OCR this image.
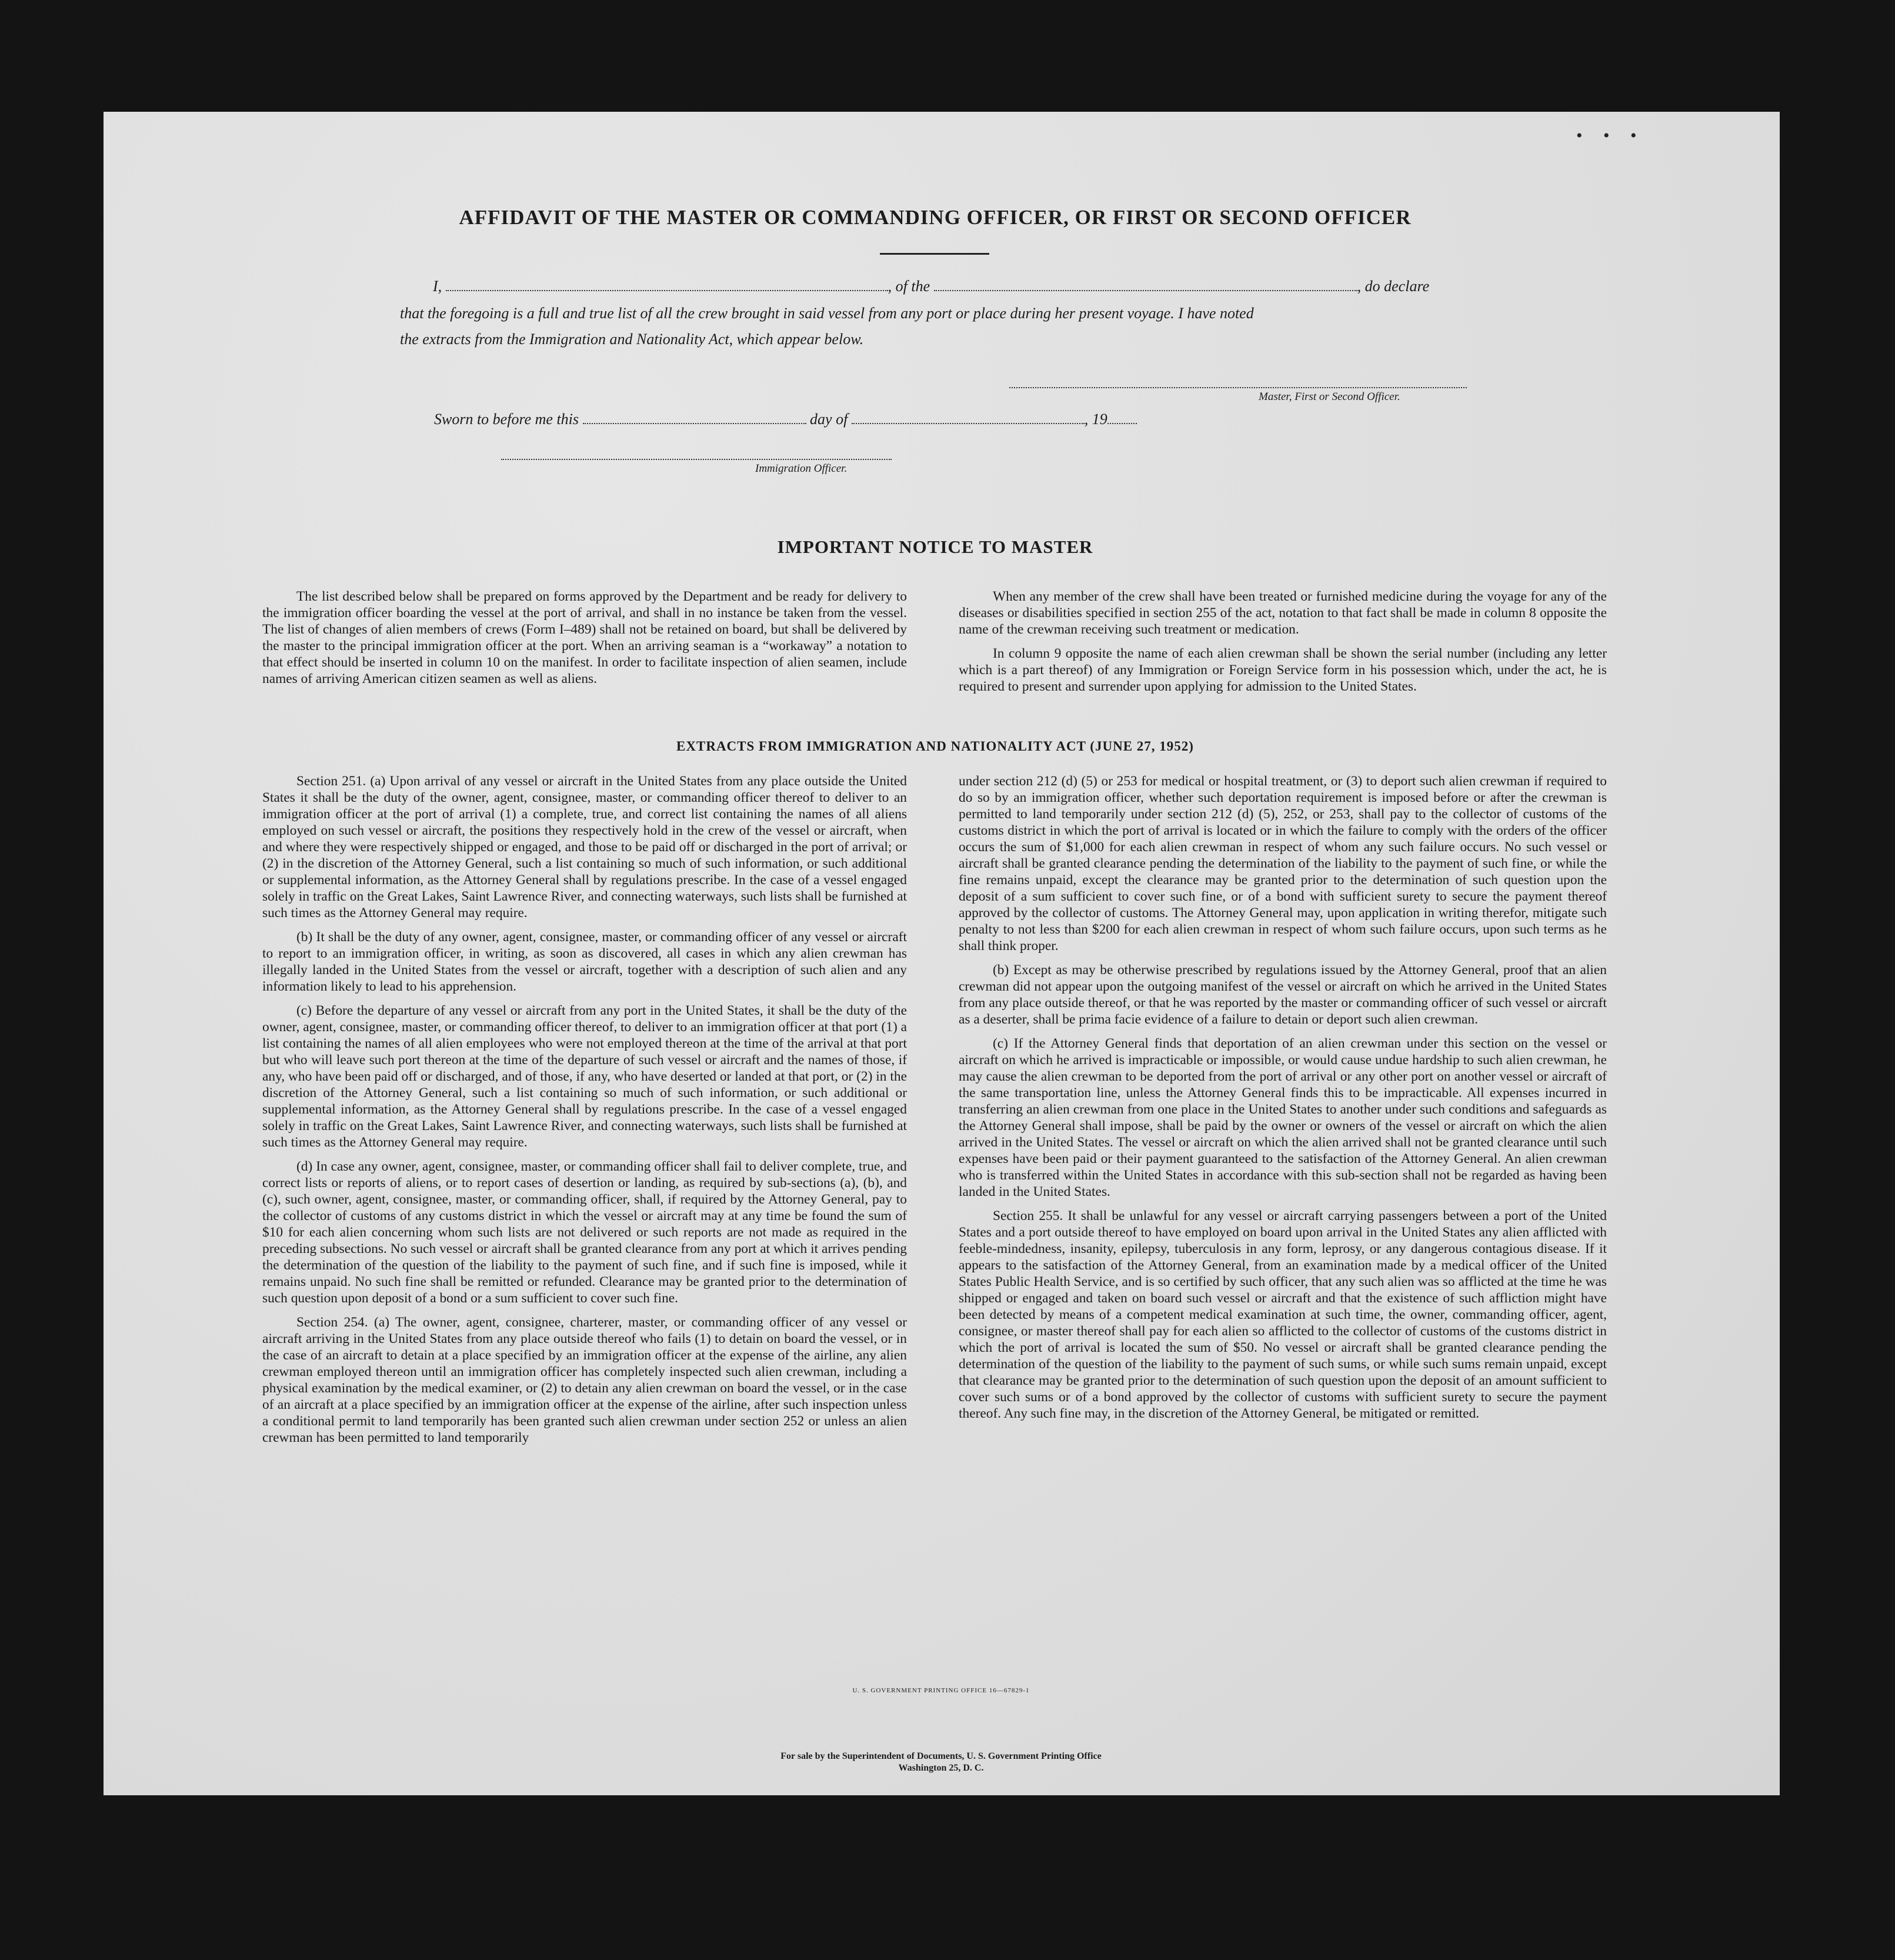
• • •
AFFIDAVIT OF THE MASTER OR COMMANDING OFFICER, OR FIRST OR SECOND OFFICER
I,	, of the	, do declare
that the foregoing is a full and true list of all the crew brought in said vessel from any port or place during her present voyage. I have noted
the extracts from the Immigration and Nationality Act, which appear below.
Master, First or Second Officer.
Sworn to before me this	day of	, 19
Immigration Officer.
IMPORTANT NOTICE TO MASTER

The list described below shall be prepared on forms approved by the Department and be ready for delivery to the immigration officer boarding the vessel at the port of arrival, and shall in no instance be taken from the vessel. The list of changes of alien members of crews (Form I–489) shall not be retained on board, but shall be delivered by the master to the principal immigration officer at the port. When an arriving seaman is a “workaway” a notation to that effect should be inserted in column 10 on the manifest. In order to facilitate inspection of alien seamen, include names of arriving American citizen seamen as well as aliens.

When any member of the crew shall have been treated or furnished medicine during the voyage for any of the diseases or disabilities specified in section 255 of the act, notation to that fact shall be made in column 8 opposite the name of the crewman receiving such treatment or medication.

In column 9 opposite the name of each alien crewman shall be shown the serial number (including any letter which is a part thereof) of any Immigration or Foreign Service form in his possession which, under the act, he is required to present and surrender upon applying for admission to the United States.

EXTRACTS FROM IMMIGRATION AND NATIONALITY ACT (JUNE 27, 1952)

Section 251. (a) Upon arrival of any vessel or aircraft in the United States from any place outside the United States it shall be the duty of the owner, agent, consignee, master, or commanding officer thereof to deliver to an immigration officer at the port of arrival (1) a complete, true, and correct list containing the names of all aliens employed on such vessel or aircraft, the positions they respectively hold in the crew of the vessel or aircraft, when and where they were respectively shipped or engaged, and those to be paid off or discharged in the port of arrival; or (2) in the discretion of the Attorney General, such a list containing so much of such information, or such additional or supplemental information, as the Attorney General shall by regulations prescribe. In the case of a vessel engaged solely in traffic on the Great Lakes, Saint Lawrence River, and connecting waterways, such lists shall be furnished at such times as the Attorney General may require.

(b) It shall be the duty of any owner, agent, consignee, master, or commanding officer of any vessel or aircraft to report to an immigration officer, in writing, as soon as discovered, all cases in which any alien crewman has illegally landed in the United States from the vessel or aircraft, together with a description of such alien and any information likely to lead to his apprehension.

(c) Before the departure of any vessel or aircraft from any port in the United States, it shall be the duty of the owner, agent, consignee, master, or commanding officer thereof, to deliver to an immigration officer at that port (1) a list containing the names of all alien employees who were not employed thereon at the time of the arrival at that port but who will leave such port thereon at the time of the departure of such vessel or aircraft and the names of those, if any, who have been paid off or discharged, and of those, if any, who have deserted or landed at that port, or (2) in the discretion of the Attorney General, such a list containing so much of such information, or such additional or supplemental information, as the Attorney General shall by regulations prescribe. In the case of a vessel engaged solely in traffic on the Great Lakes, Saint Lawrence River, and connecting waterways, such lists shall be furnished at such times as the Attorney General may require.

(d) In case any owner, agent, consignee, master, or commanding officer shall fail to deliver complete, true, and correct lists or reports of aliens, or to report cases of desertion or landing, as required by sub-sections (a), (b), and (c), such owner, agent, consignee, master, or commanding officer, shall, if required by the Attorney General, pay to the collector of customs of any customs district in which the vessel or aircraft may at any time be found the sum of $10 for each alien concerning whom such lists are not delivered or such reports are not made as required in the preceding subsections. No such vessel or aircraft shall be granted clearance from any port at which it arrives pending the determination of the question of the liability to the payment of such fine, and if such fine is imposed, while it remains unpaid. No such fine shall be remitted or refunded. Clearance may be granted prior to the determination of such question upon deposit of a bond or a sum sufficient to cover such fine.

Section 254. (a) The owner, agent, consignee, charterer, master, or commanding officer of any vessel or aircraft arriving in the United States from any place outside thereof who fails (1) to detain on board the vessel, or in the case of an aircraft to detain at a place specified by an immigration officer at the expense of the airline, any alien crewman employed thereon until an immigration officer has completely inspected such alien crewman, including a physical examination by the medical examiner, or (2) to detain any alien crewman on board the vessel, or in the case of an aircraft at a place specified by an immigration officer at the expense of the airline, after such inspection unless a conditional permit to land temporarily has been granted such alien crewman under section 252 or unless an alien crewman has been permitted to land temporarily

under section 212 (d) (5) or 253 for medical or hospital treatment, or (3) to deport such alien crewman if required to do so by an immigration officer, whether such deportation requirement is imposed before or after the crewman is permitted to land temporarily under section 212 (d) (5), 252, or 253, shall pay to the collector of customs of the customs district in which the port of arrival is located or in which the failure to comply with the orders of the officer occurs the sum of $1,000 for each alien crewman in respect of whom any such failure occurs. No such vessel or aircraft shall be granted clearance pending the determination of the liability to the payment of such fine, or while the fine remains unpaid, except the clearance may be granted prior to the determination of such question upon the deposit of a sum sufficient to cover such fine, or of a bond with sufficient surety to secure the payment thereof approved by the collector of customs. The Attorney General may, upon application in writing therefor, mitigate such penalty to not less than $200 for each alien crewman in respect of whom such failure occurs, upon such terms as he shall think proper.

(b) Except as may be otherwise prescribed by regulations issued by the Attorney General, proof that an alien crewman did not appear upon the outgoing manifest of the vessel or aircraft on which he arrived in the United States from any place outside thereof, or that he was reported by the master or commanding officer of such vessel or aircraft as a deserter, shall be prima facie evidence of a failure to detain or deport such alien crewman.

(c) If the Attorney General finds that deportation of an alien crewman under this section on the vessel or aircraft on which he arrived is impracticable or impossible, or would cause undue hardship to such alien crewman, he may cause the alien crewman to be deported from the port of arrival or any other port on another vessel or aircraft of the same transportation line, unless the Attorney General finds this to be impracticable. All expenses incurred in transferring an alien crewman from one place in the United States to another under such conditions and safeguards as the Attorney General shall impose, shall be paid by the owner or owners of the vessel or aircraft on which the alien arrived in the United States. The vessel or aircraft on which the alien arrived shall not be granted clearance until such expenses have been paid or their payment guaranteed to the satisfaction of the Attorney General. An alien crewman who is transferred within the United States in accordance with this sub-section shall not be regarded as having been landed in the United States.

Section 255. It shall be unlawful for any vessel or aircraft carrying passengers between a port of the United States and a port outside thereof to have employed on board upon arrival in the United States any alien afflicted with feeble-mindedness, insanity, epilepsy, tuberculosis in any form, leprosy, or any dangerous contagious disease. If it appears to the satisfaction of the Attorney General, from an examination made by a medical officer of the United States Public Health Service, and is so certified by such officer, that any such alien was so afflicted at the time he was shipped or engaged and taken on board such vessel or aircraft and that the existence of such affliction might have been detected by means of a competent medical examination at such time, the owner, commanding officer, agent, consignee, or master thereof shall pay for each alien so afflicted to the collector of customs of the customs district in which the port of arrival is located the sum of $50. No vessel or aircraft shall be granted clearance pending the determination of the question of the liability to the payment of such sums, or while such sums remain unpaid, except that clearance may be granted prior to the determination of such question upon the deposit of an amount sufficient to cover such sums or of a bond approved by the collector of customs with sufficient surety to secure the payment thereof. Any such fine may, in the discretion of the Attorney General, be mitigated or remitted.

U. S. GOVERNMENT PRINTING OFFICE 16—67829-1
For sale by the Superintendent of Documents, U. S. Government Printing Office
Washington 25, D. C.
